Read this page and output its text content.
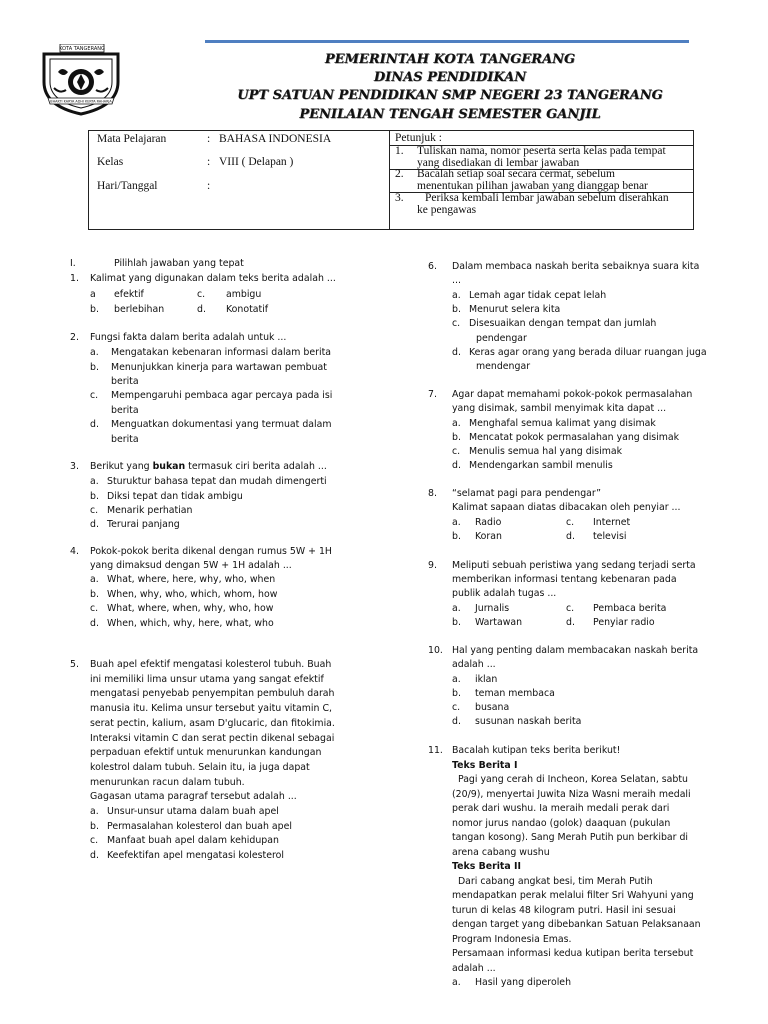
KOTA TANGERANG
BHAKTI KARYA ADHI KERTA RAHARJA
PEMERINTAH KOTA TANGERANG
DINAS PENDIDIKAN
UPT SATUAN PENDIDIKAN SMP NEGERI 23 TANGERANG
PENILAIAN TENGAH SEMESTER GANJIL
Mata Pelajaran	: BAHASA INDONESIA
Kelas	: VIII ( Delapan )
Hari/Tanggal	:
Petunjuk :
1. Tuliskan nama, nomor peserta serta kelas pada tempat
yang disediakan di lembar jawaban
2. Bacalah setiap soal secara cermat, sebelum
menentukan pilihan jawaban yang dianggap benar
3. Periksa kembali lembar jawaban sebelum diserahkan
ke pengawas
I.	Pilihlah jawaban yang tepat
1. Kalimat yang digunakan dalam teks berita adalah ...
a efektif	c. ambigu
b. berlebihan	d. Konotatif
2. Fungsi fakta dalam berita adalah untuk ...
a. Mengatakan kebenaran informasi dalam berita
b. Menunjukkan kinerja para wartawan pembuat
berita
c. Mempengaruhi pembaca agar percaya pada isi
berita
d. Menguatkan dokumentasi yang termuat dalam
berita
3. Berikut yang bukan termasuk ciri berita adalah ...
a. Sturuktur bahasa tepat dan mudah dimengerti
b. Diksi tepat dan tidak ambigu
c. Menarik perhatian
d. Terurai panjang
4. Pokok-pokok berita dikenal dengan rumus 5W + 1H
yang dimaksud dengan 5W + 1H adalah ...
a. What, where, here, why, who, when
b. When, why, who, which, whom, how
c. What, where, when, why, who, how
d. When, which, why, here, what, who
5. Buah apel efektif mengatasi kolesterol tubuh. Buah
ini memiliki lima unsur utama yang sangat efektif
mengatasi penyebab penyempitan pembuluh darah
manusia itu. Kelima unsur tersebut yaitu vitamin C,
serat pectin, kalium, asam D'glucaric, dan fitokimia.
Interaksi vitamin C dan serat pectin dikenal sebagai
perpaduan efektif untuk menurunkan kandungan
kolestrol dalam tubuh. Selain itu, ia juga dapat
menurunkan racun dalam tubuh.
Gagasan utama paragraf tersebut adalah ...
a. Unsur-unsur utama dalam buah apel
b. Permasalahan kolesterol dan buah apel
c. Manfaat buah apel dalam kehidupan
d. Keefektifan apel mengatasi kolesterol
6. Dalam membaca naskah berita sebaiknya suara kita
...
a. Lemah agar tidak cepat lelah
b. Menurut selera kita
c. Disesuaikan dengan tempat dan jumlah
pendengar
d. Keras agar orang yang berada diluar ruangan juga
mendengar
7. Agar dapat memahami pokok-pokok permasalahan
yang disimak, sambil menyimak kita dapat ...
a. Menghafal semua kalimat yang disimak
b. Mencatat pokok permasalahan yang disimak
c. Menulis semua hal yang disimak
d. Mendengarkan sambil menulis
8. “selamat pagi para pendengar”
Kalimat sapaan diatas dibacakan oleh penyiar ...
a. Radio	c. Internet
b. Koran	d. televisi
9. Meliputi sebuah peristiwa yang sedang terjadi serta
memberikan informasi tentang kebenaran pada
publik adalah tugas ...
a. Jurnalis	c. Pembaca berita
b. Wartawan	d. Penyiar radio
10. Hal yang penting dalam membacakan naskah berita
adalah ...
a. iklan
b. teman membaca
c. busana
d. susunan naskah berita
11. Bacalah kutipan teks berita berikut!
Teks Berita I
Pagi yang cerah di Incheon, Korea Selatan, sabtu
(20/9), menyertai Juwita Niza Wasni meraih medali
perak dari wushu. Ia meraih medali perak dari
nomor jurus nandao (golok) daaquan (pukulan
tangan kosong). Sang Merah Putih pun berkibar di
arena cabang wushu
Teks Berita II
Dari cabang angkat besi, tim Merah Putih
mendapatkan perak melalui filter Sri Wahyuni yang
turun di kelas 48 kilogram putri. Hasil ini sesuai
dengan target yang dibebankan Satuan Pelaksanaan
Program Indonesia Emas.
Persamaan informasi kedua kutipan berita tersebut
adalah ...
a. Hasil yang diperoleh
